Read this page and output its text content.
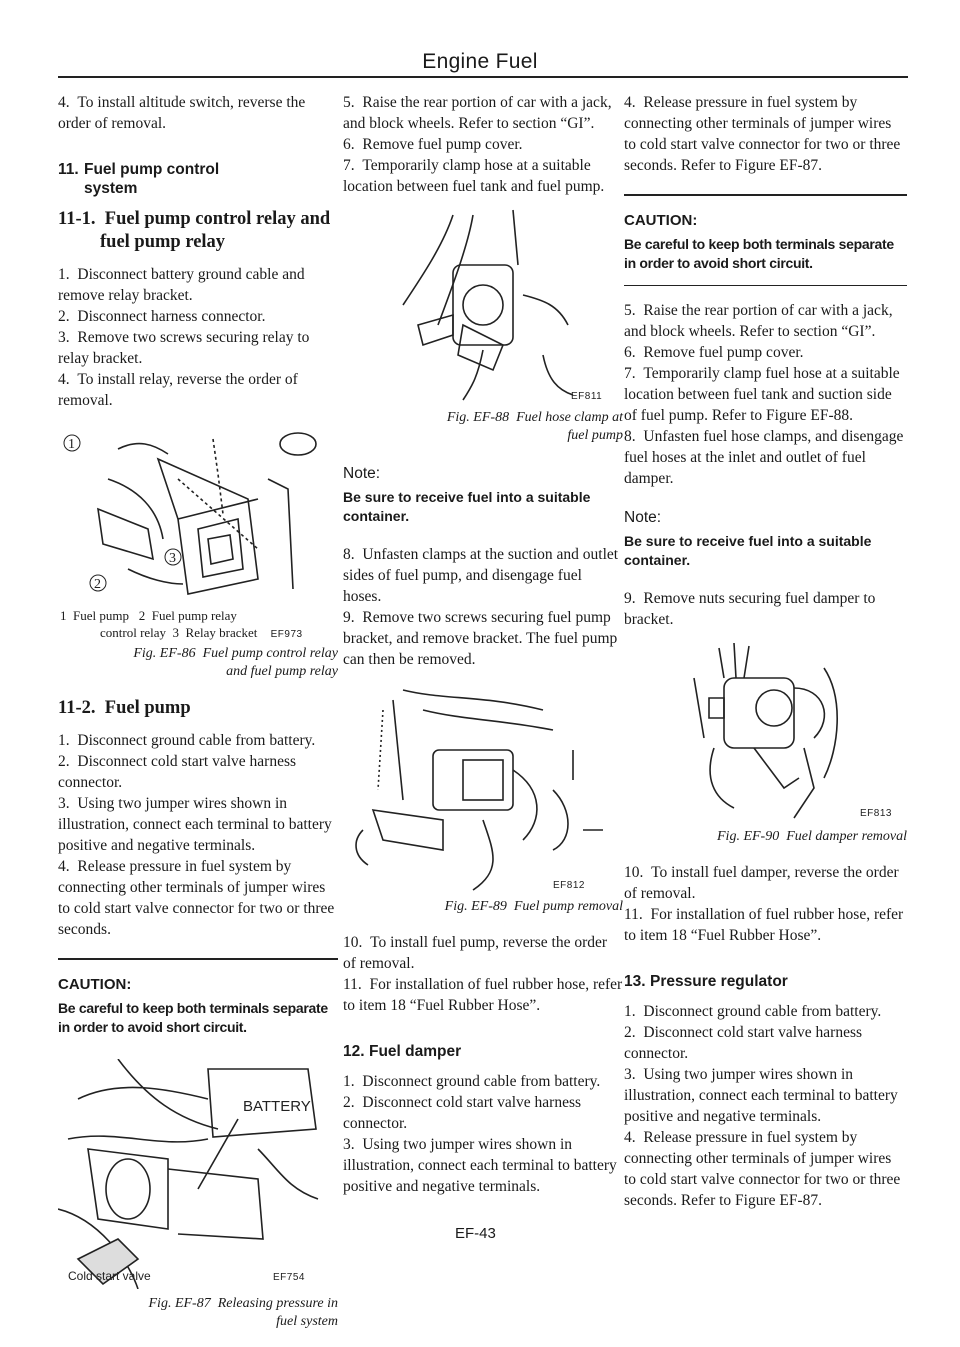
Engine Fuel

4.  To install altitude switch, reverse the order of removal.

11. Fuel pump control
system
11-1.  Fuel pump control relay and
fuel pump relay

1.  Disconnect battery ground cable and remove relay bracket.

2.  Disconnect harness connector.

3.  Remove two screws securing relay to relay bracket.

4.  To install relay, reverse the order of removal.

1
2
3
1  Fuel pump   2  Fuel pump relay
control relay  3  Relay bracket EF973
Fig. EF-86  Fuel pump control relay
and fuel pump relay
11-2.  Fuel pump

1.  Disconnect ground cable from battery.

2.  Disconnect cold start valve harness connector.

3.  Using two jumper wires shown in illustration, connect each terminal to battery positive and negative terminals.

4.  Release pressure in fuel system by connecting other terminals of jumper wires to cold start valve connector for two or three seconds.

CAUTION:
Be careful to keep both terminals separate in order to avoid short circuit.
BATTERY
Cold start valve	EF754
Fig. EF-87  Releasing pressure in
fuel system

5.  Raise the rear portion of car with a jack, and block wheels. Refer to section “GI”.

6.  Remove fuel pump cover.

7.  Temporarily clamp hose at a suitable location between fuel tank and fuel pump.

EF811
Fig. EF-88  Fuel hose clamp at
fuel pump
Note:
Be sure to receive fuel into a suitable container.

8.  Unfasten clamps at the suction and outlet sides of fuel pump, and disengage fuel hoses.

9.  Remove two screws securing fuel pump bracket, and remove bracket. The fuel pump can then be removed.

EF812
Fig. EF-89  Fuel pump removal

10.  To install fuel pump, reverse the order of removal.

11.  For installation of fuel rubber hose, refer to item 18 “Fuel Rubber Hose”.

12. Fuel damper

1.  Disconnect ground cable from battery.

2.  Disconnect cold start valve harness connector.

3.  Using two jumper wires shown in illustration, connect each terminal to battery positive and negative terminals.

4.  Release pressure in fuel system by connecting other terminals of jumper wires to cold start valve connector for two or three seconds. Refer to Figure EF-87.

CAUTION:
Be careful to keep both terminals separate in order to avoid short circuit.

5.  Raise the rear portion of car with a jack, and block wheels. Refer to section “GI”.

6.  Remove fuel pump cover.

7.  Temporarily clamp fuel hose at a suitable location between fuel tank and suction side of fuel pump. Refer to Figure EF-88.

8.  Unfasten fuel hose clamps, and disengage fuel hoses at the inlet and outlet of fuel damper.

Note:
Be sure to receive fuel into a suitable container.

9.  Remove nuts securing fuel damper to bracket.

EF813
Fig. EF-90  Fuel damper removal

10.  To install fuel damper, reverse the order of removal.

11.  For installation of fuel rubber hose, refer to item 18 “Fuel Rubber Hose”.

13. Pressure regulator

1.  Disconnect ground cable from battery.

2.  Disconnect cold start valve harness connector.

3.  Using two jumper wires shown in illustration, connect each terminal to battery positive and negative terminals.

4.  Release pressure in fuel system by connecting other terminals of jumper wires to cold start valve connector for two or three seconds. Refer to Figure EF-87.

EF-43
